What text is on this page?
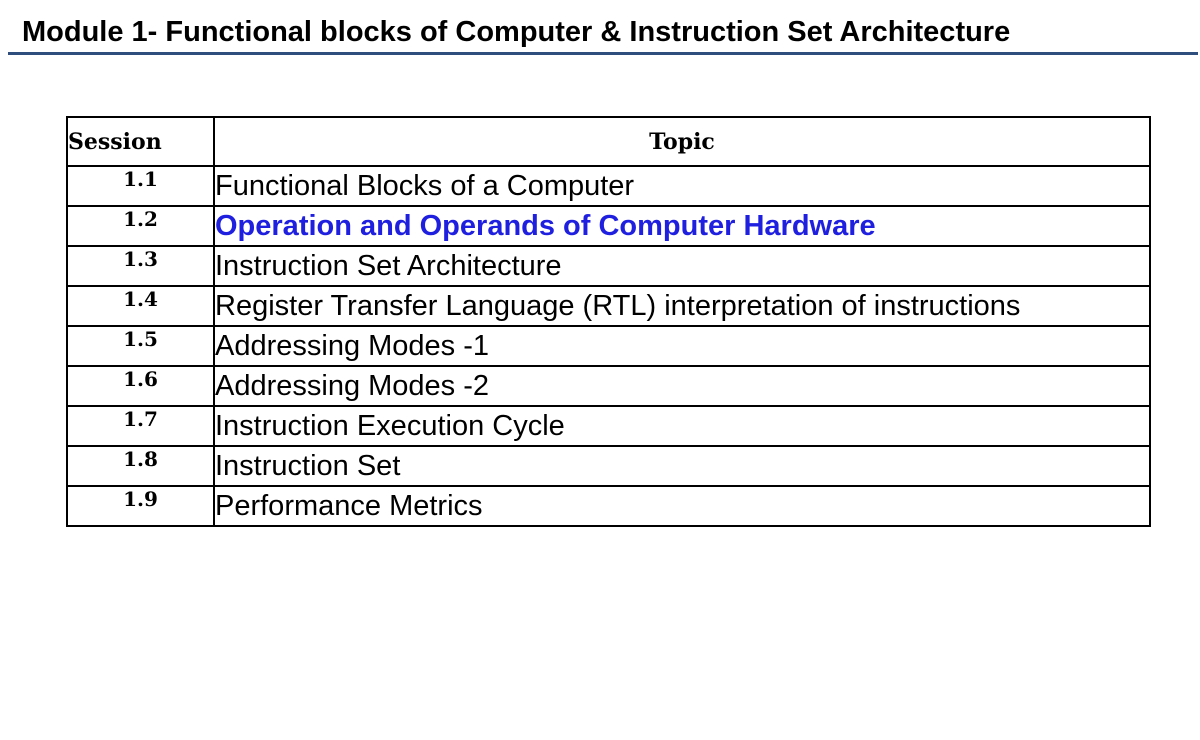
Module 1- Functional blocks of Computer & Instruction Set Architecture
Session	Topic
1.1	Functional Blocks of a Computer
1.2	Operation and Operands of Computer Hardware
1.3	Instruction Set Architecture
1.4	Register Transfer Language (RTL) interpretation of instructions
1.5	Addressing Modes -1
1.6	Addressing Modes -2
1.7	Instruction Execution Cycle
1.8	Instruction Set
1.9	Performance Metrics
